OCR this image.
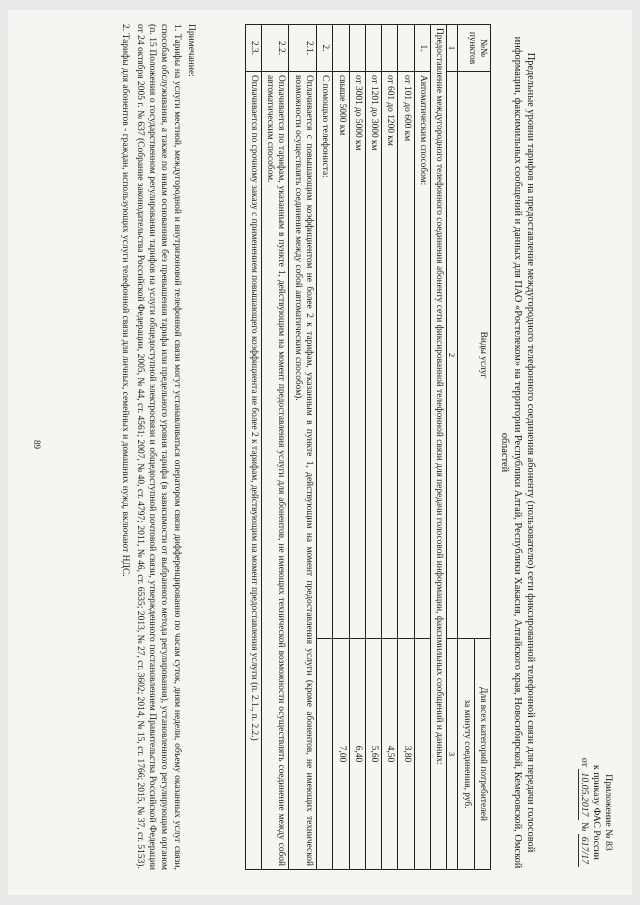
Приложение № 83

к приказу ФАС России

от 10.05.2017 № 617/17

Предельные уровни тарифов на предоставление междугородного телефонного соединения абоненту (пользователю) сети фиксированной телефонной связи для передачи голосовой информации, факсимильных сообщений и данных для ПАО «Ростелеком» на территории Республики Алтай, Республики Хакасия, Алтайского края, Новосибирской, Кемеровской, Омской областей
№№ пунктов	Виды услуг	Для всех категорий потребителей
		за минуту соединения, руб.
1	2	3
Предоставление междугородного телефонного соединения абоненту сети фиксированной телефонной связи для передачи голосовой информации, факсимильных сообщений и данных:		
1.	Автоматическим способом:	
	от 101 до 600 км	3,80
	от 601 до 1200 км	4,50
	от 1201 до 3000 км	5,60
	от 3001 до 5000 км	6,40
	свыше 5000 км	7,00
2.	С помощью телефониста:	
2.1.	Оплачивается с повышающим коэффициентом не более 2 к тарифам, указанным в пункте 1, действующим на момент предоставления услуги (кроме абонентов, не имеющих технической возможности осуществлять соединение между собой автоматическим способом).	
2.2.	Оплачивается по тарифам, указанным в пункте 1, действующим на момент предоставления услуги для абонентов, не имеющих технической возможности осуществлять соединение между собой автоматическим способом.	
2.3.	Оплачивается по срочному заказу с применением повышающего коэффициента не более 2 к тарифам, действующим на момент предоставления услуги (п. 2.1., п. 2.2.)	

Примечание:

1. Тарифы на услуги местной, междугородной и внутризоновой телефонной связи могут устанавливаться оператором связи дифференцированно по часам суток, дням недели, объему оказанных услуг связи, способам обслуживания, а также по иным основаниям без превышения тарифа или предельного уровня тарифа (в зависимости от выбранного метода регулирования), установленного регулирующим органом (п. 15 Положения о государственном регулировании тарифов на услуги общедоступной электросвязи и общедоступной почтовой связи, утвержденного постановлением Правительства Российской Федерации от 24 октября 2005 г. № 637 (Собрание законодательства Российской Федерации, 2005, № 44, ст. 4561; 2007, № 40, ст. 4797; 2011, № 46, ст. 6535; 2013, № 27, ст. 3602; 2014, № 15, ст. 1766; 2015, № 37, ст. 5153).

2. Тарифы для абонентов - граждан, использующих услуги телефонной связи для личных, семейных и домашних нужд, включают НДС.

89
